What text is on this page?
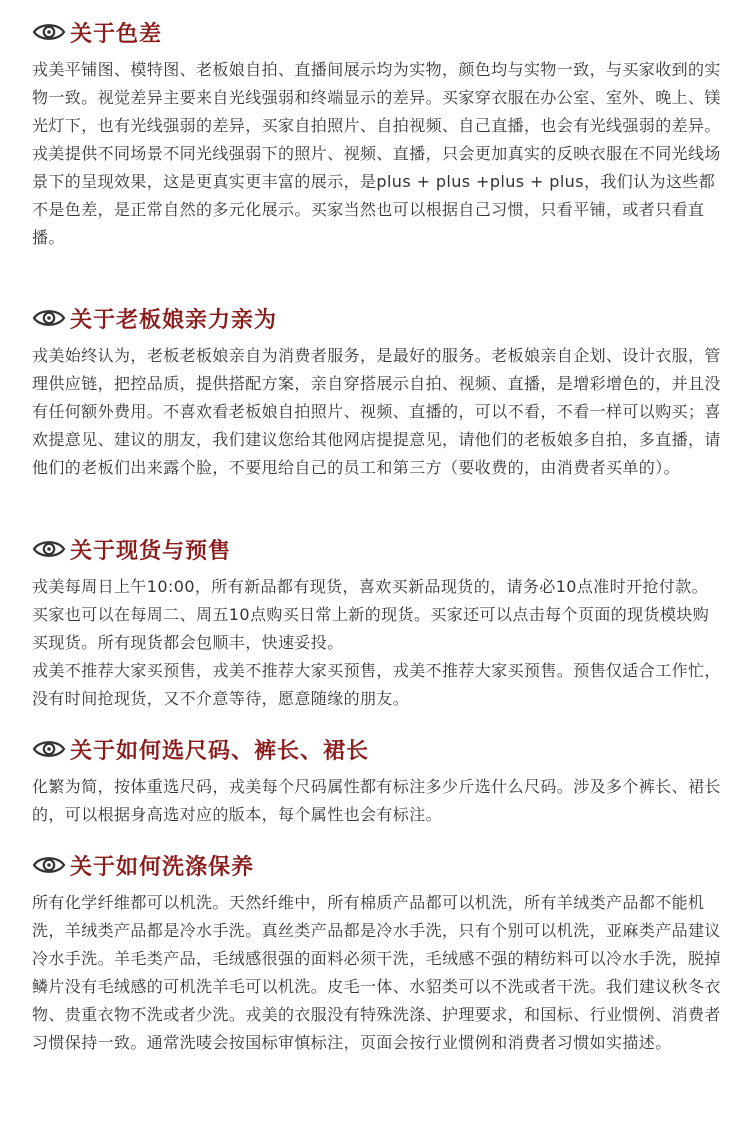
关于色差

戎美平铺图、模特图、老板娘自拍、直播间展示均为实物，颜色均与实物一致，与买家收到的实物一致。视觉差异主要来自光线强弱和终端显示的差异。买家穿衣服在办公室、室外、晚上、镁光灯下，也有光线强弱的差异，买家自拍照片、自拍视频、自己直播，也会有光线强弱的差异。戎美提供不同场景不同光线强弱下的照片、视频、直播，只会更加真实的反映衣服在不同光线场景下的呈现效果，这是更真实更丰富的展示，是plus + plus +plus + plus，我们认为这些都不是色差，是正常自然的多元化展示。买家当然也可以根据自己习惯，只看平铺，或者只看直播。

关于老板娘亲力亲为

戎美始终认为，老板老板娘亲自为消费者服务，是最好的服务。老板娘亲自企划、设计衣服，管理供应链，把控品质，提供搭配方案，亲自穿搭展示自拍、视频、直播，是增彩增色的，并且没有任何额外费用。不喜欢看老板娘自拍照片、视频、直播的，可以不看，不看一样可以购买；喜欢提意见、建议的朋友，我们建议您给其他网店提提意见，请他们的老板娘多自拍，多直播，请他们的老板们出来露个脸，不要甩给自己的员工和第三方（要收费的，由消费者买单的）。

关于现货与预售

戎美每周日上午10:00，所有新品都有现货，喜欢买新品现货的，请务必10点准时开抢付款。买家也可以在每周二、周五10点购买日常上新的现货。买家还可以点击每个页面的现货模块购买现货。所有现货都会包顺丰，快速妥投。

戎美不推荐大家买预售，戎美不推荐大家买预售，戎美不推荐大家买预售。预售仅适合工作忙，没有时间抢现货，又不介意等待，愿意随缘的朋友。

关于如何选尺码、裤长、裙长

化繁为简，按体重选尺码，戎美每个尺码属性都有标注多少斤选什么尺码。涉及多个裤长、裙长的，可以根据身高选对应的版本，每个属性也会有标注。

关于如何洗涤保养

所有化学纤维都可以机洗。天然纤维中，所有棉质产品都可以机洗，所有羊绒类产品都不能机洗，羊绒类产品都是冷水手洗。真丝类产品都是冷水手洗，只有个别可以机洗，亚麻类产品建议冷水手洗。羊毛类产品，毛绒感很强的面料必须干洗，毛绒感不强的精纺料可以冷水手洗，脱掉鳞片没有毛绒感的可机洗羊毛可以机洗。皮毛一体、水貂类可以不洗或者干洗。我们建议秋冬衣物、贵重衣物不洗或者少洗。戎美的衣服没有特殊洗涤、护理要求，和国标、行业惯例、消费者习惯保持一致。通常洗唛会按国标审慎标注，页面会按行业惯例和消费者习惯如实描述。
